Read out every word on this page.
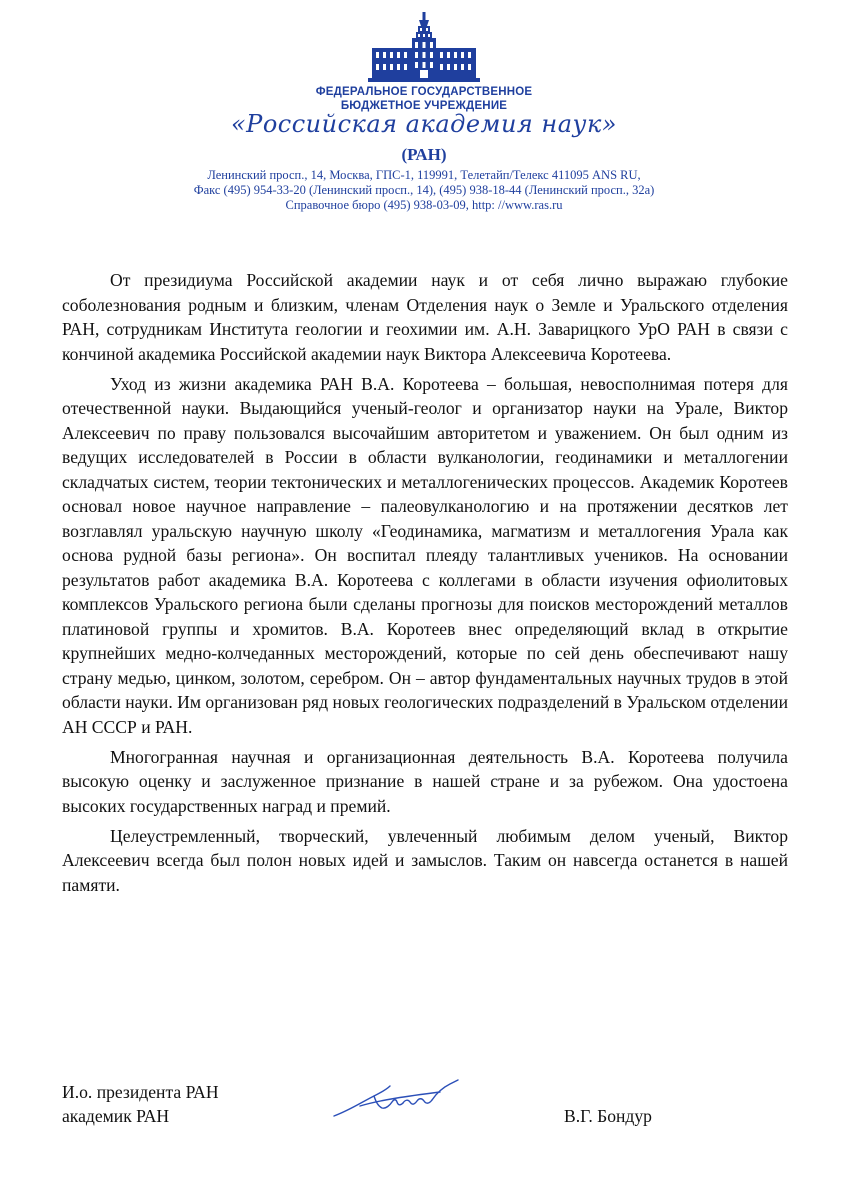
ФЕДЕРАЛЬНОЕ ГОСУДАРСТВЕННОЕ
БЮДЖЕТНОЕ УЧРЕЖДЕНИЕ
«Российская академия наук»
(РАН)
Ленинский просп., 14, Москва, ГПС-1, 119991, Телетайп/Телекс 411095 ANS RU,
Факс (495) 954-33-20 (Ленинский просп., 14), (495) 938-18-44 (Ленинский просп., 32а)
Справочное бюро (495) 938-03-09, http: //www.ras.ru

От президиума Российской академии наук и от себя лично выражаю глубокие соболезнования родным и близким, членам Отделения наук о Земле и Уральского отделения РАН, сотрудникам Института геологии и геохимии им. А.Н. Заварицкого УрО РАН в связи с кончиной академика Российской академии наук Виктора Алексеевича Коротеева.

Уход из жизни академика РАН В.А. Коротеева – большая, невосполнимая потеря для отечественной науки. Выдающийся ученый-геолог и организатор науки на Урале, Виктор Алексеевич по праву пользовался высочайшим авторитетом и уважением. Он был одним из ведущих исследователей в России в области вулканологии, геодинамики и металлогении складчатых систем, теории тектонических и металлогенических процессов. Академик Коротеев основал новое научное направление – палеовулканологию и на протяжении десятков лет возглавлял уральскую научную школу «Геодинамика, магматизм и металлогения Урала как основа рудной базы региона». Он воспитал плеяду талантливых учеников. На основании результатов работ академика В.А. Коротеева с коллегами в области изучения офиолитовых комплексов Уральского региона были сделаны прогнозы для поисков месторождений металлов платиновой группы и хромитов. В.А. Коротеев внес определяющий вклад в открытие крупнейших медно-колчеданных месторождений, которые по сей день обеспечивают нашу страну медью, цинком, золотом, серебром. Он – автор фундаментальных научных трудов в этой области науки. Им организован ряд новых геологических подразделений в Уральском отделении АН СССР и РАН.

Многогранная научная и организационная деятельность В.А. Коротеева получила высокую оценку и заслуженное признание в нашей стране и за рубежом. Она удостоена высоких государственных наград и премий.

Целеустремленный, творческий, увлеченный любимым делом ученый, Виктор Алексеевич всегда был полон новых идей и замыслов. Таким он навсегда останется в нашей памяти.

И.о. президента РАН
академик РАН	В.Г. Бондур
